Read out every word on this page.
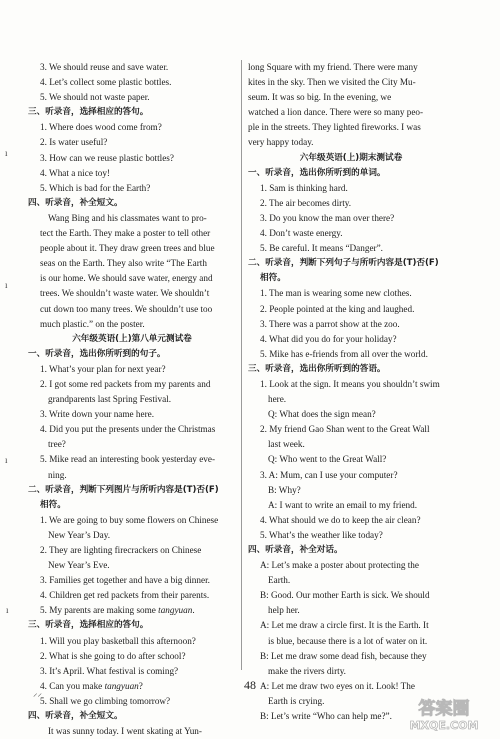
3. We should reuse and save water.
4. Let’s collect some plastic bottles.
5. We should not waste paper.
三、听录音，选择相应的答句。
1. Where does wood come from?
2. Is water useful?
3. How can we reuse plastic bottles?
4. What a nice toy!
5. Which is bad for the Earth?
四、听录音，补全短文。
Wang Bing and his classmates want to pro-
tect the Earth. They make a poster to tell other
people about it. They draw green trees and blue
seas on the Earth. They also write “The Earth
is our home. We should save water, energy and
trees. We shouldn’t waste water. We shouldn’t
cut down too many trees. We shouldn’t use too
much plastic.” on the poster.
六年级英语(上)第八单元测试卷
一、听录音，选出你所听到的句子。
1. What’s your plan for next year?
2. I got some red packets from my parents and
grandparents last Spring Festival.
3. Write down your name here.
4. Did you put the presents under the Christmas
tree?
5. Mike read an interesting book yesterday eve-
ning.
二、听录音，判断下列图片与所听内容是(T)否(F)
相符。
1. We are going to buy some flowers on Chinese
New Year’s Day.
2. They are lighting firecrackers on Chinese
New Year’s Eve.
3. Families get together and have a big dinner.
4. Children get red packets from their parents.
5. My parents are making some tangyuan.
三、听录音，选择相应的答句。
1. Will you play basketball this afternoon?
2. What is she going to do after school?
3. It’s April. What festival is coming?
4. Can you make tangyuan?
5. Shall we go climbing tomorrow?
四、听录音，补全短文。
It was sunny today. I went skating at Yun-
long Square with my friend. There were many
kites in the sky. Then we visited the City Mu-
seum. It was so big. In the evening, we
watched a lion dance. There were so many peo-
ple in the streets. They lighted fireworks. I was
very happy today.
六年级英语(上)期末测试卷
一、听录音，选出你所听到的单词。
1. Sam is thinking hard.
2. The air becomes dirty.
3. Do you know the man over there?
4. Don’t waste energy.
5. Be careful. It means “Danger”.
二、听录音，判断下列句子与所听内容是(T)否(F)
相符。
1. The man is wearing some new clothes.
2. People pointed at the king and laughed.
3. There was a parrot show at the zoo.
4. What did you do for your holiday?
5. Mike has e-friends from all over the world.
三、听录音，选出你所听到的答语。
1. Look at the sign. It means you shouldn’t swim
here.
Q: What does the sign mean?
2. My friend Gao Shan went to the Great Wall
last week.
Q: Who went to the Great Wall?
3. A: Mum, can I use your computer?
B: Why?
A: I want to write an email to my friend.
4. What should we do to keep the air clean?
5. What’s the weather like today?
四、听录音，补全对话。
A: Let’s make a poster about protecting the
Earth.
B: Good. Our mother Earth is sick. We should
help her.
A: Let me draw a circle first. It is the Earth. It
is blue, because there is a lot of water on it.
B: Let me draw some dead fish, because they
make the rivers dirty.
A: Let me draw two eyes on it. Look! The
Earth is crying.
B: Let’s write “Who can help me?”.
ı
ı
ı
ı
⸝⸝
48
答案圈
MXQE.COM
